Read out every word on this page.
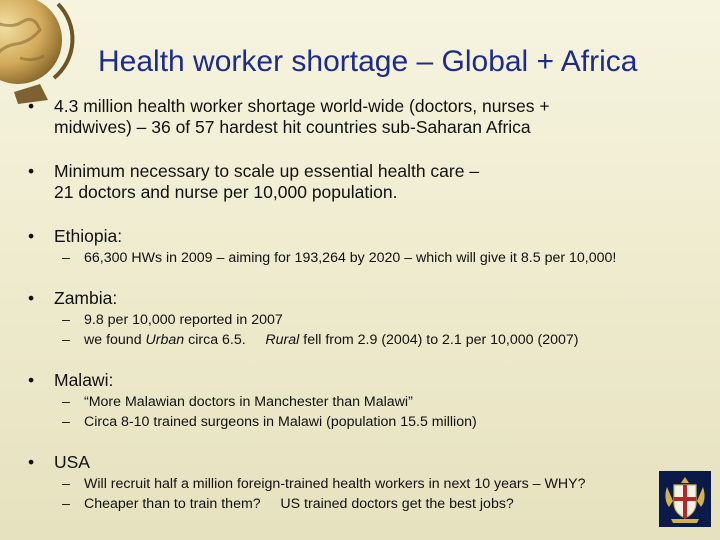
Health worker shortage – Global + Africa
• 4.3 million health worker shortage world-wide (doctors, nurses +
midwives) – 36 of 57 hardest hit countries sub-Saharan Africa
• Minimum necessary to scale up essential health care –
21 doctors and nurse per 10,000 population.
• Ethiopia:
– 66,300 HWs in 2009 – aiming for 193,264 by 2020 – which will give it 8.5 per 10,000!
• Zambia:
– 9.8 per 10,000 reported in 2007
– we found Urban circa 6.5.     Rural fell from 2.9 (2004) to 2.1 per 10,000 (2007)
• Malawi:
– “More Malawian doctors in Manchester than Malawi”
– Circa 8-10 trained surgeons in Malawi (population 15.5 million)
• USA
– Will recruit half a million foreign-trained health workers in next 10 years – WHY?
– Cheaper than to train them?     US trained doctors get the best jobs?
